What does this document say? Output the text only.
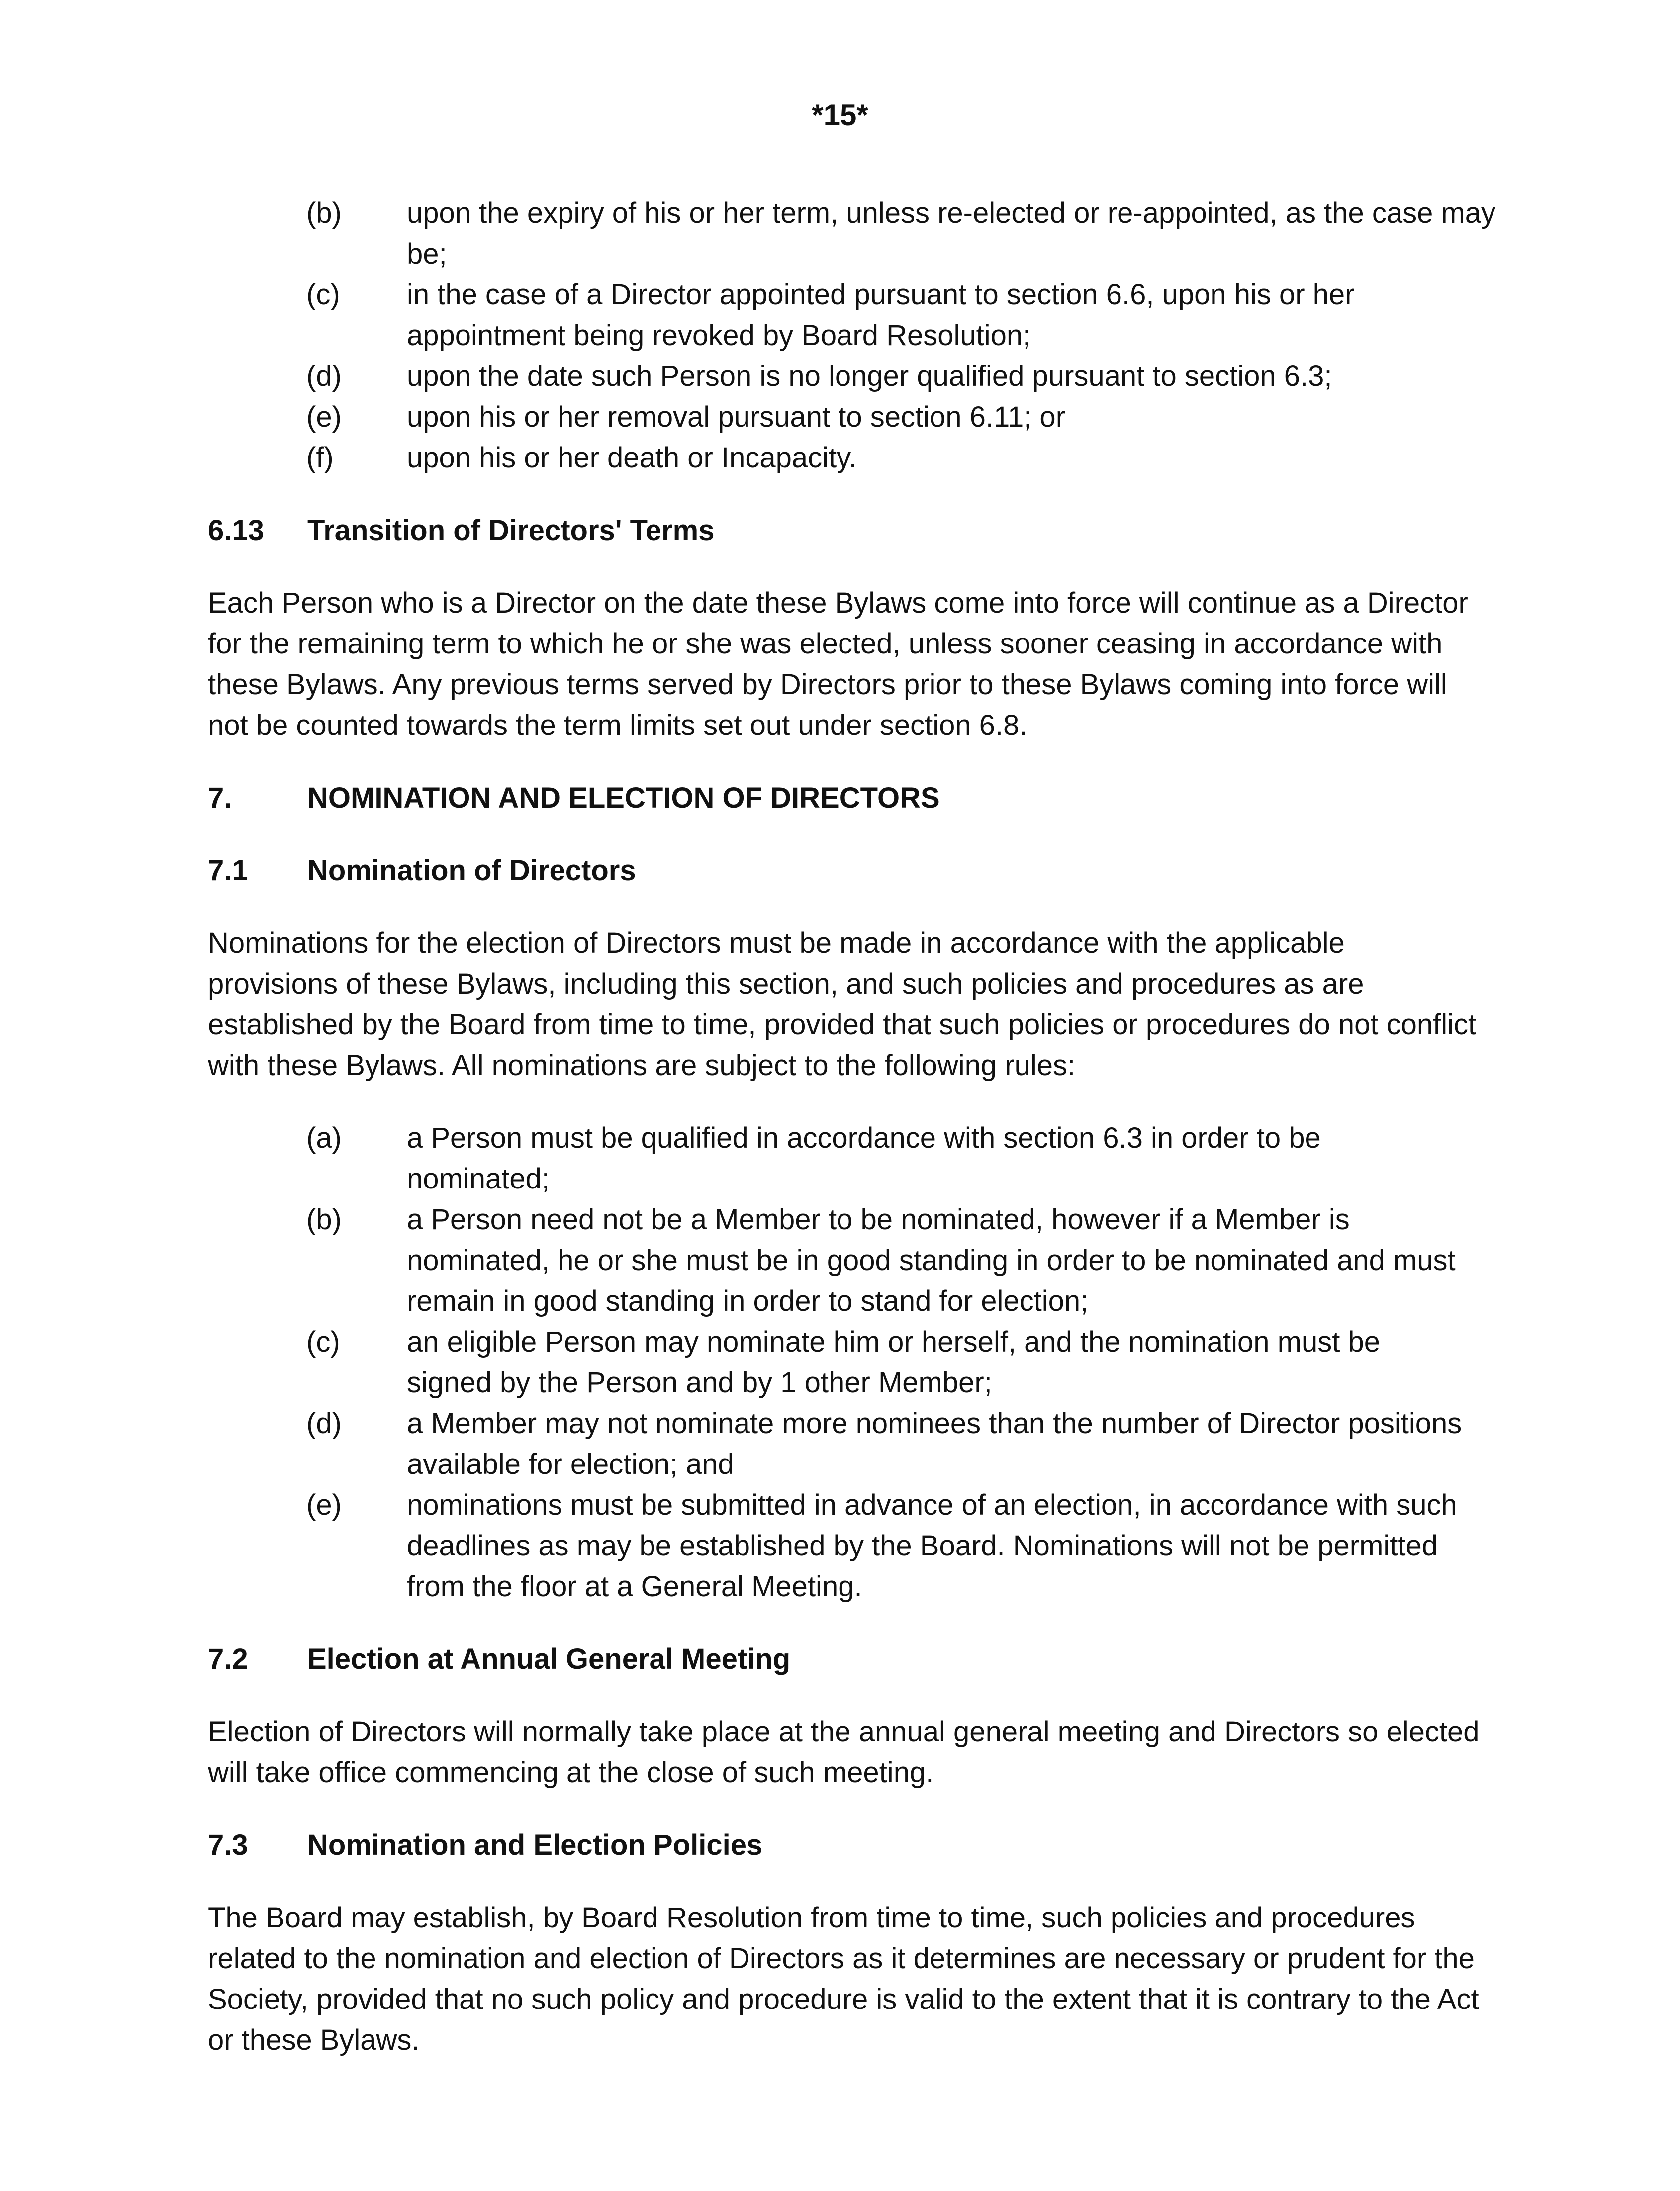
*15*
(b) upon the expiry of his or her term, unless re-elected or re-appointed, as the case may be;
(c) in the case of a Director appointed pursuant to section 6.6, upon his or her appointment being revoked by Board Resolution;
(d) upon the date such Person is no longer qualified pursuant to section 6.3;
(e) upon his or her removal pursuant to section 6.11; or
(f)	upon his or her death or Incapacity.
6.13 Transition of Directors' Terms
Each Person who is a Director on the date these Bylaws come into force will continue as a Director for the remaining term to which he or she was elected, unless sooner ceasing in accordance with these Bylaws. Any previous terms served by Directors prior to these Bylaws coming into force will not be counted towards the term limits set out under section 6.8.
7.	NOMINATION AND ELECTION OF DIRECTORS
7.1 Nomination of Directors
Nominations for the election of Directors must be made in accordance with the applicable provisions of these Bylaws, including this section, and such policies and procedures as are established by the Board from time to time, provided that such policies or procedures do not conflict with these Bylaws. All nominations are subject to the following rules:
(a) a Person must be qualified in accordance with section 6.3 in order to be nominated;
(b) a Person need not be a Member to be nominated, however if a Member is nominated, he or she must be in good standing in order to be nominated and must remain in good standing in order to stand for election;
(c) an eligible Person may nominate him or herself, and the nomination must be signed by the Person and by 1 other Member;
(d) a Member may not nominate more nominees than the number of Director positions available for election; and
(e) nominations must be submitted in advance of an election, in accordance with such deadlines as may be established by the Board. Nominations will not be permitted from the floor at a General Meeting.
7.2 Election at Annual General Meeting
Election of Directors will normally take place at the annual general meeting and Directors so elected will take office commencing at the close of such meeting.
7.3 Nomination and Election Policies
The Board may establish, by Board Resolution from time to time, such policies and procedures related to the nomination and election of Directors as it determines are necessary or prudent for the Society, provided that no such policy and procedure is valid to the extent that it is contrary to the Act or these Bylaws.
